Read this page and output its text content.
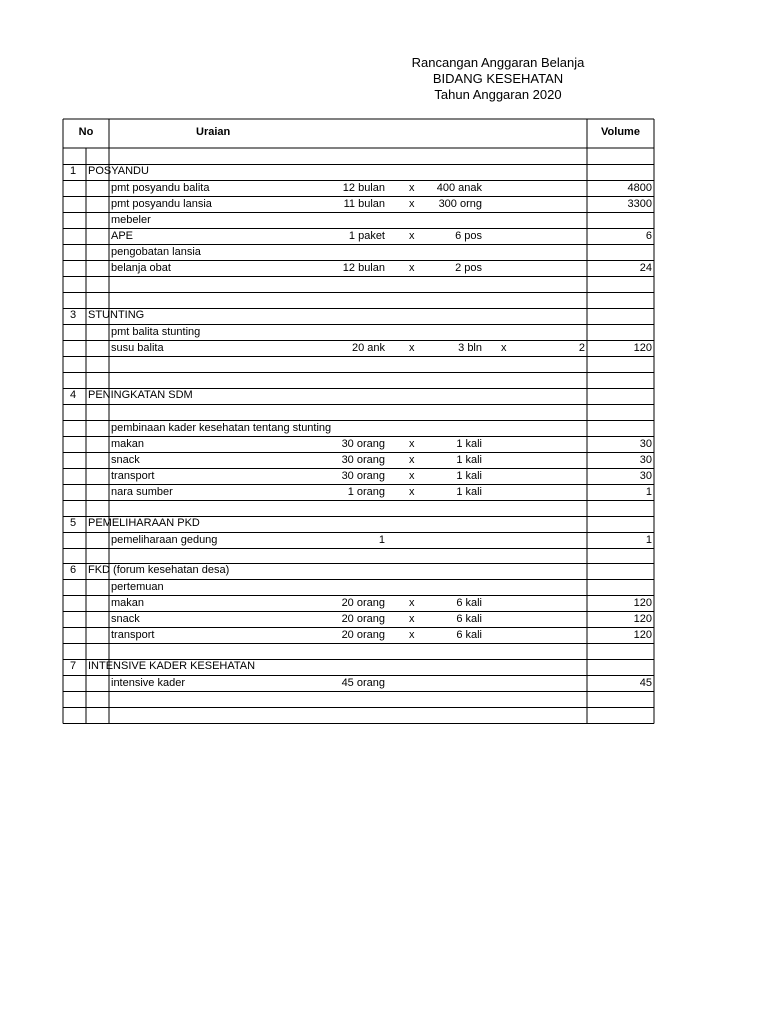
Rancangan Anggaran Belanja
BIDANG KESEHATAN
Tahun Anggaran 2020
No	Uraian	Volume
1 POSYANDU
pmt posyandu balita	12 bulan x	400 anak	4800
pmt posyandu lansia	11 bulan x	300 orng	3300
mebeler
APE	1 paket x	6 pos	6
pengobatan lansia
belanja obat	12 bulan x	2 pos	24
3 STUNTING
pmt balita stunting
susu balita	20 ank x	3 bln x	2	120
4 PENINGKATAN SDM
pembinaan kader kesehatan tentang stunting
makan	30 orang x	1 kali	30
snack	30 orang x	1 kali	30
transport	30 orang x	1 kali	30
nara sumber	1 orang x	1 kali	1
5 PEMELIHARAAN PKD
pemeliharaan gedung	1	1
6 FKD (forum kesehatan desa)
pertemuan
makan	20 orang x	6 kali	120
snack	20 orang x	6 kali	120
transport	20 orang x	6 kali	120
7 INTENSIVE KADER KESEHATAN
intensive kader	45 orang	45
